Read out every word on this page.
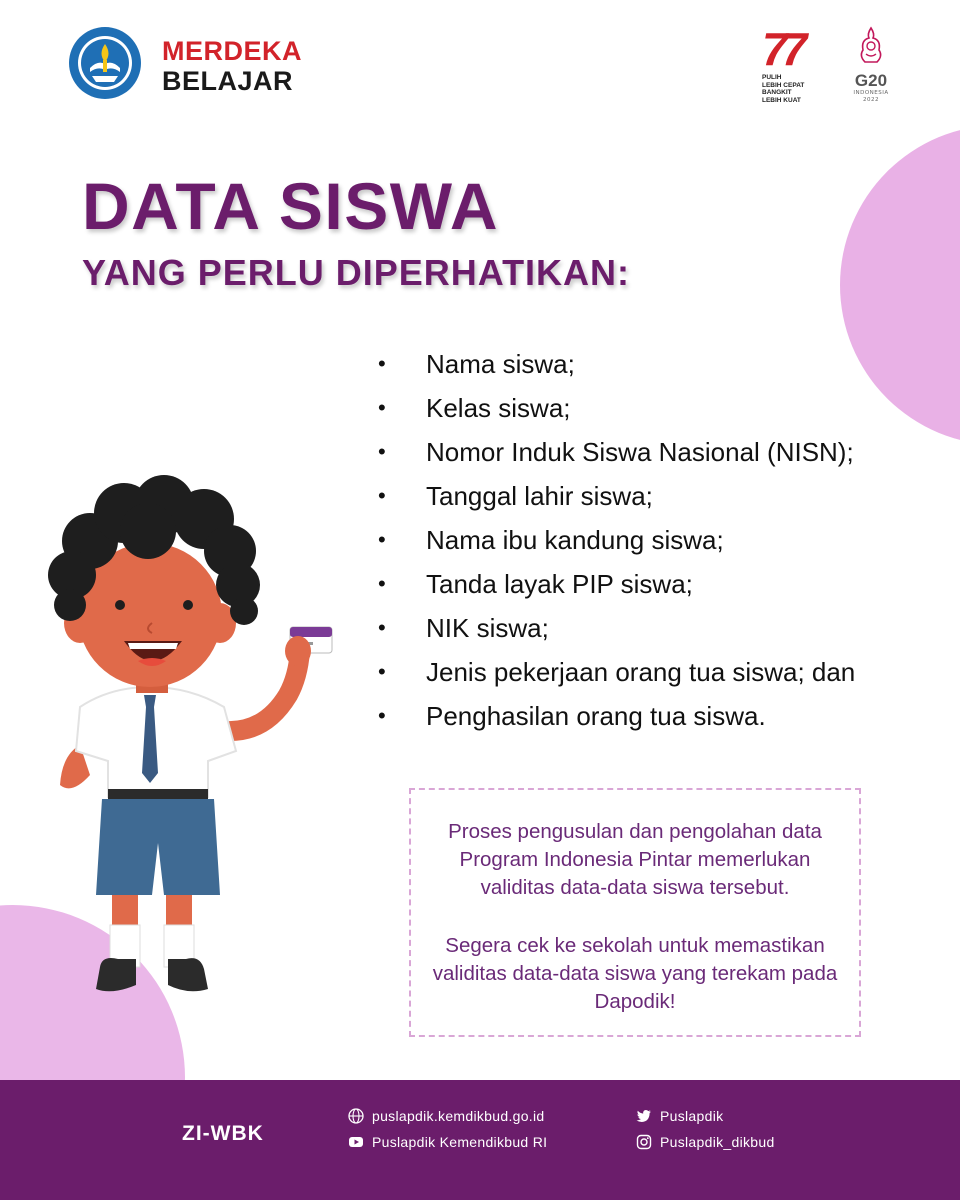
MERDEKA
BELAJAR
77
PULIH
LEBIH CEPAT
BANGKIT
LEBIH KUAT
G20
INDONESIA
2022
DATA SISWA
YANG PERLU DIPERHATIKAN:
• Nama siswa;
• Kelas siswa;
• Nomor Induk Siswa Nasional (NISN);
• Tanggal lahir siswa;
• Nama ibu kandung siswa;
• Tanda layak PIP siswa;
• NIK siswa;
• Jenis pekerjaan orang tua siswa; dan
• Penghasilan orang tua siswa.

Proses pengusulan dan pengolahan data Program Indonesia Pintar memerlukan validitas data-data siswa tersebut.

Segera cek ke sekolah untuk memastikan validitas data-data siswa yang terekam pada Dapodik!

ZI-WBK
puslapdik.kemdikbud.go.id
Puslapdik Kemendikbud RI
Puslapdik
Puslapdik_dikbud
